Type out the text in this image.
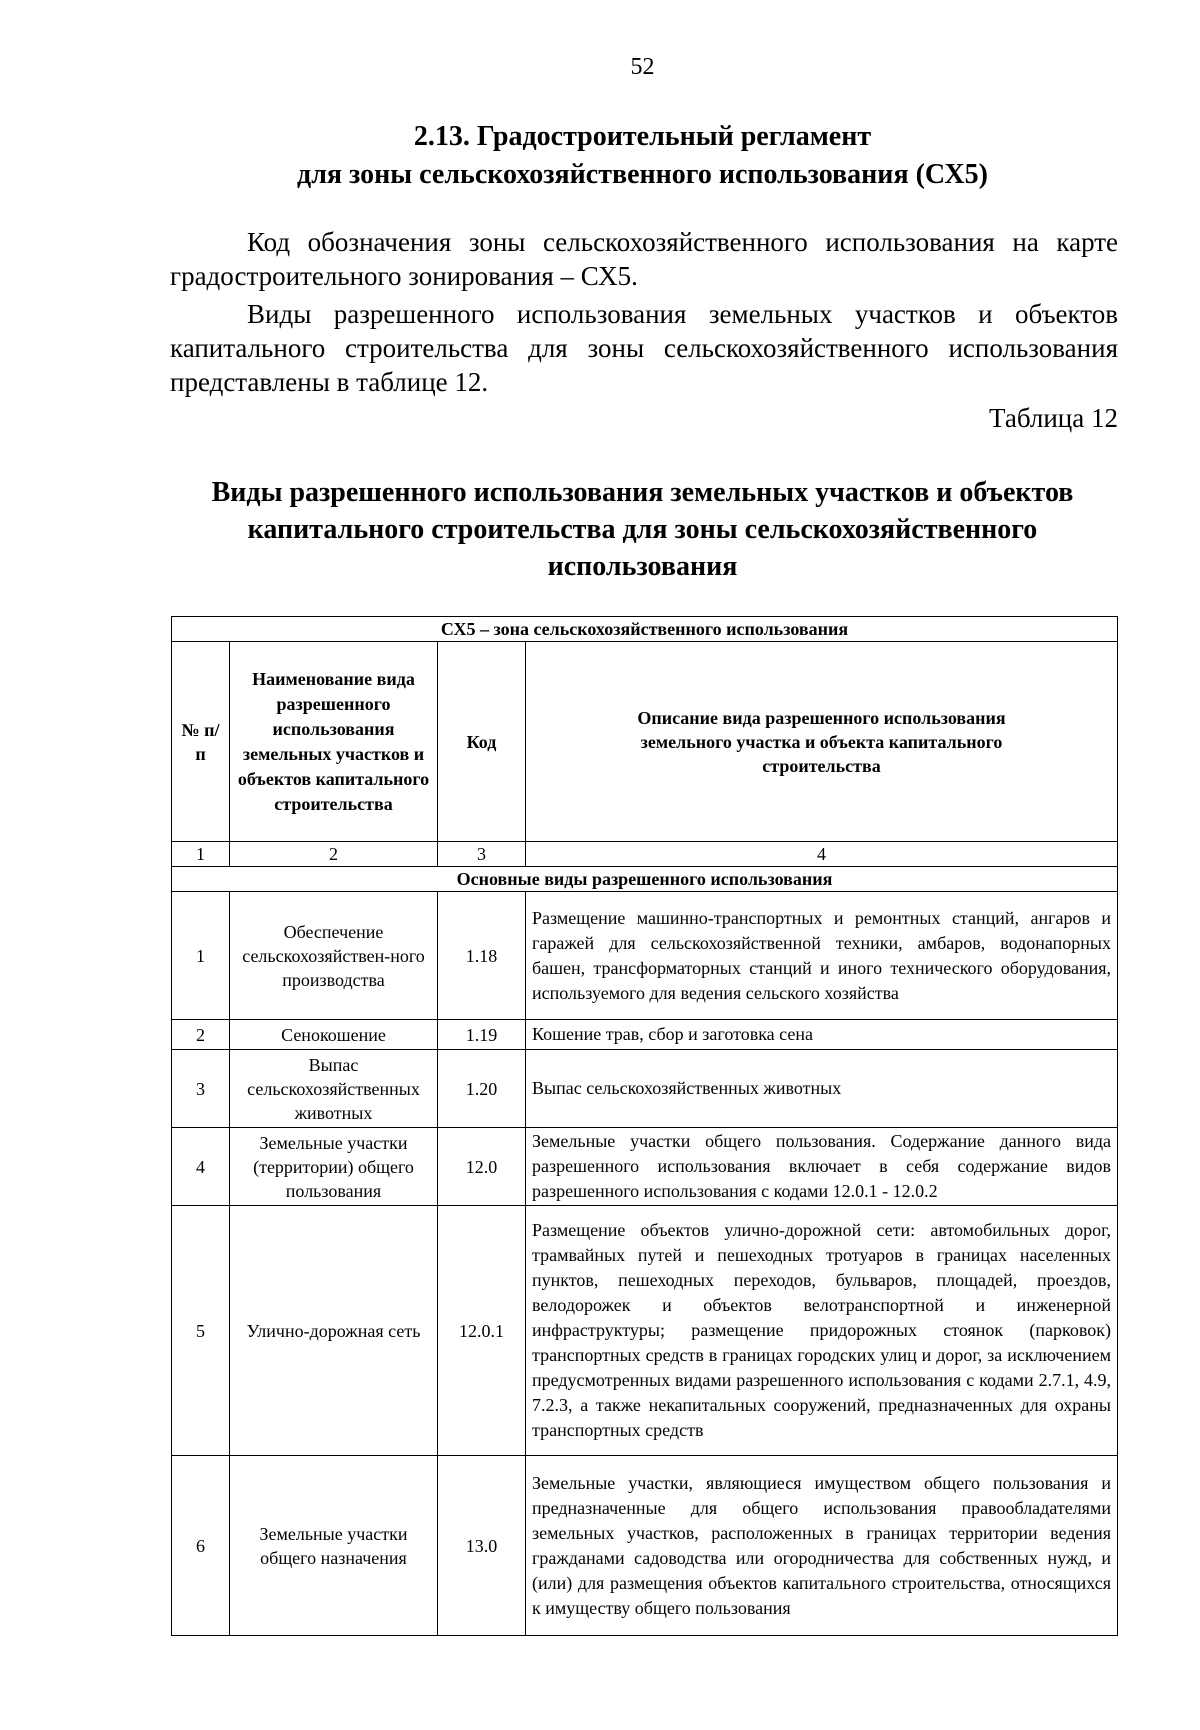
52
2.13. Градостроительный регламент
для зоны сельскохозяйственного использования (СХ5)
Код обозначения зоны сельскохозяйственного использования на карте градостроительного зонирования – СХ5.
Виды разрешенного использования земельных участков и объектов капитального строительства для зоны сельскохозяйственного использования представлены в таблице 12.
Таблица 12
Виды разрешенного использования земельных участков и объектов
капитального строительства для зоны сельскохозяйственного
использования
СХ5 – зона сельскохозяйственного использования			
№ п/п	Наименование вида разрешенного использования земельных участков и объектов капитального строительства	Код	Описание вида разрешенного использования земельного участка и объекта капитального строительства
1	2	3	4
Основные виды разрешенного использования			
1	Обеспечение сельскохозяйствен-ного производства	1.18	Размещение машинно-транспортных и ремонтных станций, ангаров и гаражей для сельскохозяйственной техники, амбаров, водонапорных башен, трансформаторных станций и иного технического оборудования, используемого для ведения сельского хозяйства
2	Сенокошение	1.19	Кошение трав, сбор и заготовка сена
3	Выпас сельскохозяйственных животных	1.20	Выпас сельскохозяйственных животных
4	Земельные участки (территории) общего пользования	12.0	Земельные участки общего пользования. Содержание данного вида разрешенного использования включает в себя содержание видов разрешенного использования с кодами 12.0.1 - 12.0.2
5	Улично-дорожная сеть	12.0.1	Размещение объектов улично-дорожной сети: автомобильных дорог, трамвайных путей и пешеходных тротуаров в границах населенных пунктов, пешеходных переходов, бульваров, площадей, проездов, велодорожек и объектов велотранспортной и инженерной инфраструктуры; размещение придорожных стоянок (парковок) транспортных средств в границах городских улиц и дорог, за исключением предусмотренных видами разрешенного использования с кодами 2.7.1, 4.9, 7.2.3, а также некапитальных сооружений, предназначенных для охраны транспортных средств
6	Земельные участки общего назначения	13.0	Земельные участки, являющиеся имуществом общего пользования и предназначенные для общего использования правообладателями земельных участков, расположенных в границах территории ведения гражданами садоводства или огородничества для собственных нужд, и (или) для размещения объектов капитального строительства, относящихся к имуществу общего пользования
